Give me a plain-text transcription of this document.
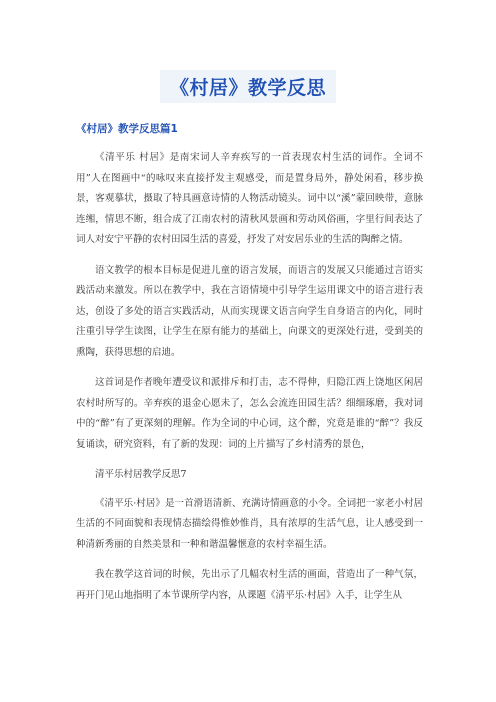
《村居》教学反思
《村居》教学反思篇1

《清平乐 村居》是南宋词人辛弃疾写的一首表现农村生活的词作。全词不用”人在图画中“的咏叹来直接抒发主观感受，而是置身局外，静处闲看，移步换景，客观摹状，摄取了特具画意诗情的人物活动镜头。词中以“溪”蒙回映带，意脉连缃，情思不断，组合成了江南农村的清秋风景画和劳动风俗画，字里行间表达了词人对安宁平静的农村田园生活的喜爱，抒发了对安居乐业的生活的陶醉之情。

语文教学的根本目标是促进儿童的语言发展，而语言的发展又只能通过言语实践活动来激发。所以在教学中，我在言语情境中引导学生运用课文中的语言进行表达，创设了多处的语言实践活动，从而实现课文语言向学生自身语言的内化，同时注重引导学生读图，让学生在原有能力的基础上，向课文的更深处行进，受到美的熏陶，获得思想的启迪。

这首词是作者晚年遭受议和派排斥和打击，志不得伸，归隐江西上饶地区闲居农村时所写的。辛弃疾的退金心愿未了，怎么会流连田园生活？细细琢磨，我对词中的“醉”有了更深刻的理解。作为全词的中心词，这个醉，究竟是谁的“醉”？我反复诵读，研究资料，有了新的发现：词的上片描写了乡村清秀的景色，

清平乐村居教学反思7

《清平乐·村居》是一首滑语清新、充满诗情画意的小令。全词把一家老小村居生活的不同面貌和表现情态描绘得惟妙惟肖，具有浓厚的生活气息，让人感受到一种清新秀丽的自然美景和一种和谐温馨惬意的农村幸福生活。

我在教学这首词的时候，先出示了几幅农村生活的画面，营造出了一种气氛，再开门见山地指明了本节课所学内容，从课题《清平乐·村居》入手，让学生从
